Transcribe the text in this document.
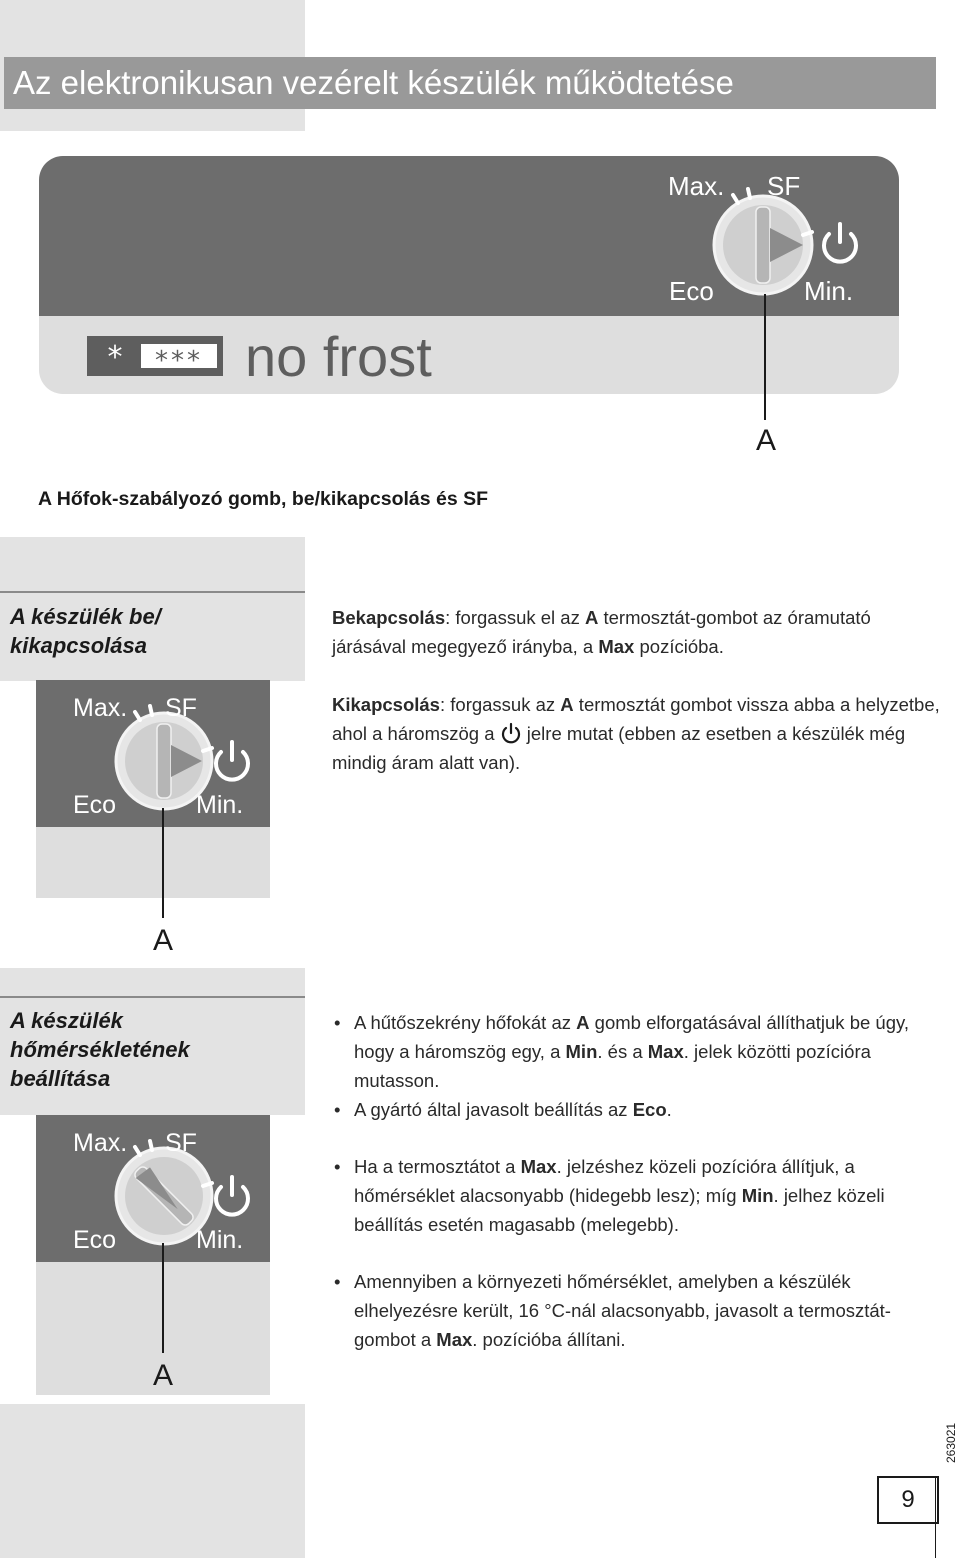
Az elektronikusan vezérelt készülék működtetése
Max. SF
Eco	Min.
* *** no frost
A
A Hőfok-szabályozó gomb, be/kikapcsolás és SF
A készülék be/
kikapcsolása
Max. SF
Eco	Min.
A

Bekapcsolás: forgassuk el az A termosztát-gombot az óramutató járásával megegyező irányba, a Max pozícióba.

Kikapcsolás: forgassuk az A termosztát gombot vissza abba a helyzetbe, ahol a háromszög a  jelre mutat (ebben az esetben a készülék még mindig áram alatt van).

A készülék
hőmérsékletének
beállítása
Max. SF
Eco	Min.
A
• A hűtőszekrény hőfokát az A gomb elforgatásával állíthatjuk be úgy, hogy a háromszög egy, a Min. és a Max. jelek közötti pozícióra mutasson.
• A gyártó által javasolt beállítás az Eco.
• Ha a termosztátot a Max. jelzéshez közeli pozícióra állítjuk, a hőmérséklet alacsonyabb (hidegebb lesz); míg Min. jelhez közeli beállítás esetén magasabb (melegebb).
• Amennyiben a környezeti hőmérséklet, amelyben a készülék elhelyezésre került, 16 °C-nál alacsonyabb, javasolt a termosztát-gombot a Max. pozícióba állítani.
9
263021
